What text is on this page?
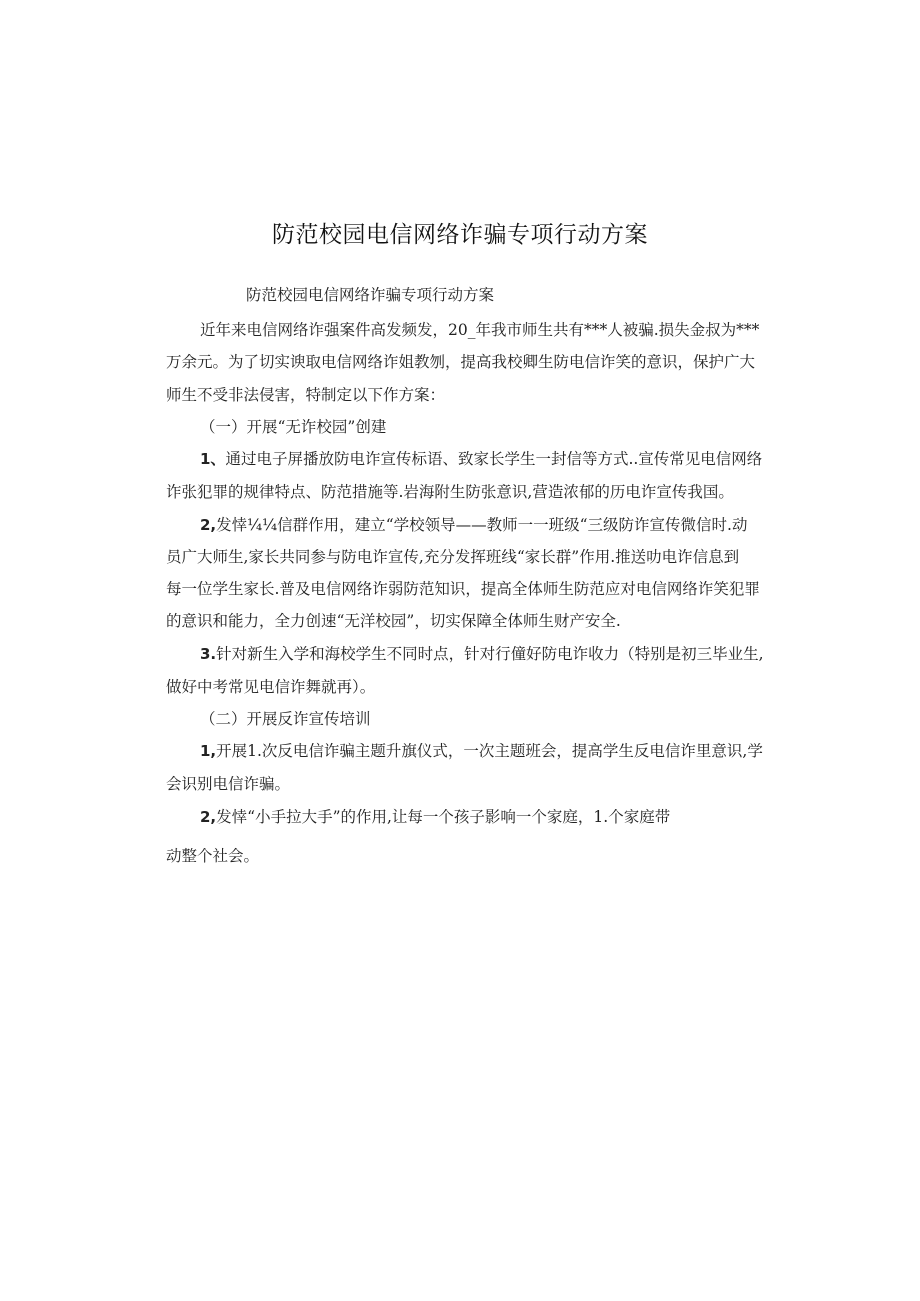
防范校园电信网络诈骗专项行动方案

防范校园电信网络诈骗专项行动方案

近年来电信网络诈强案件高发频发，20_年我市师生共有***人被骗.损失金叔为***

万余元。为了切实谀取电信网络诈姐教刎，提高我校卿生防电信诈笑的意识，保护广大

师生不受非法侵害，特制定以下作方案：

（一）开展“无诈校园”创建

1、通过电子屏播放防电诈宣传标语、致家长学生一封信等方式..宣传常见电信网络

诈张犯罪的规律特点、防范措施等.岩海附生防张意识,营造浓郁的历电诈宣传我国。

2,发悻¼¼信群作用，建立“学校领导——教师一一班级“三级防诈宣传微信时.动

员广大师生,家长共同参与防电诈宣传,充分发挥班线“家长群”作用.推送叻电诈信息到

每一位学生家长.普及电信网络诈弱防范知识，提高全体师生防范应对电信网络诈笑犯罪

的意识和能力，全力创速“无洋校园”，切实保障全体师生财产安全.

3.针对新生入学和海校学生不同时点，针对行僮好防电诈收力（特别是初三毕业生,

做好中考常见电信诈舞就再）。

（二）开展反诈宣传培训

1,开展1.次反电信诈骗主题升旗仪式，一次主题班会，提高学生反电信诈里意识,学

会识别电信诈骗。

2,发悻“小手拉大手”的作用,让每一个孩子影响一个家庭，1.个家庭带

动整个社会。
